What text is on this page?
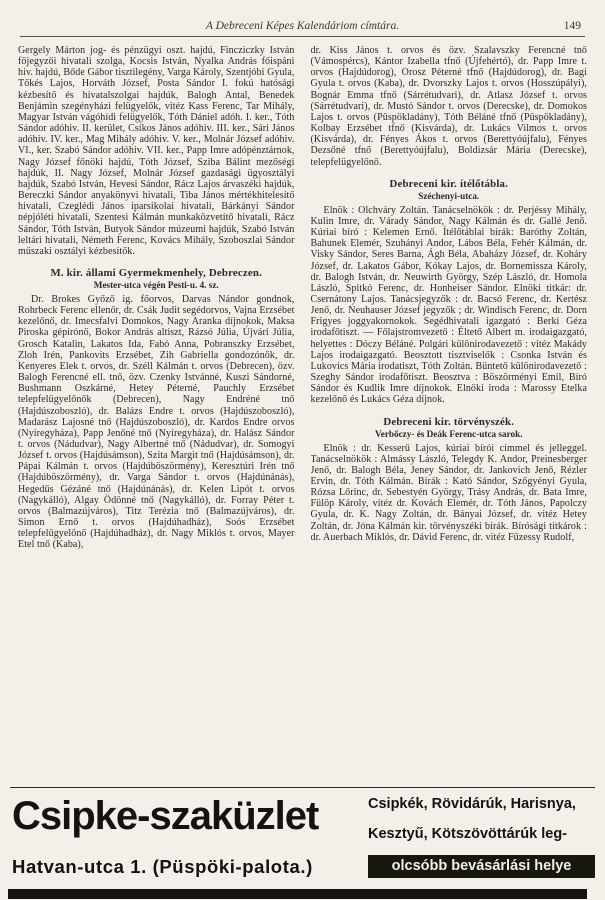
A Debreceni Képes Kalendáriom címtára.	149

Gergely Márton jog- és pénzügyi oszt. hajdú, Fincziczky István főjegyzői hivatali szolga, Kocsis István, Nyalka András főispáni hiv. hajdú, Bőde Gábor tisztilegény, Varga Károly, Szentjóbi Gyula, Tőkés Lajos, Horváth József, Posta Sándor I. fokú hatósági kézbesítő és hivatalszolgai hajdúk, Balogh Antal, Benedek Benjámin szegényházi felügyelők, vitéz Kass Ferenc, Tar Mihály, Magyar István vágóhídi felügyelők, Tóth Dániel adóh. I. ker., Tóth Sándor adóhiv. II. kerület, Csíkos János adóhiv. III. ker., Sári János adóhiv. IV. ker., Mag Mihály adóhiv. V. ker., Molnár József adóhiv. VI., ker. Szabó Sándor adóhiv. VII. ker., Papp Imre adópénztárnok, Nagy József főnöki hajdú, Tóth József, Sziba Bálint mezőségi hajdúk, II. Nagy József, Molnár József gazdasági ügyosztályi hajdúk, Szabó István, Hevesi Sándor, Rácz Lajos árvaszéki hajdúk, Bereczki Sándor anyakönyvi hivatali, Tiba János mértékhitelesítő hivatali, Czeglédi János iparsikolai hivatali, Bárkányi Sándor népjóléti hivatali, Szentesi Kálmán munkaközvetítő hivatali, Rácz Sándor, Tóth István, Butyok Sándor múzeumi hajdúk, Szabó István leltári hivatali, Németh Ferenc, Kovács Mihály, Szoboszlai Sándor műszaki osztályi kézbesítők.

M. kir. állami Gyermekmenhely, Debreczen.
Mester-utca végén Pesti-u. 4. sz.

Dr. Brokes Győző ig. főorvos, Darvas Nándor gondnok, Rohrbeck Ferenc ellenőr, dr. Csák Judit segédorvos, Vajna Erzsébet kezelőnő, dr. Imecsfalvi Domokos, Nagy Aranka díjnokok, Maksa Piroska gépírónő, Bokor András altiszt, Rázsó Júlia, Újvári Júlia, Grosch Katalin, Lakatos Ida, Fabó Anna, Pobranszky Erzsébet, Zloh Irén, Pankovits Erzsébet, Zih Gabriella gondozónők, dr. Kenyeres Elek t. orvos, dr. Széll Kálmán t. orvos (Debrecen), özv. Balogh Ferencné ell. tnő, özv. Czenky Istvánné, Kuszi Sándorné, Bushmann Oszkárné, Hetey Péterné, Pauchly Erzsébet telepfelügyelőnők (Debrecen), Nagy Endréné tnő (Hajdúszoboszló), dr. Balázs Endre t. orvos (Hajdúszoboszló), Madarász Lajosné tnő (Hajdúszoboszló), dr. Kardos Endre orvos (Nyíregyháza), Papp Jenőné tnő (Nyíregyháza), dr. Halász Sándor t. orvos (Nádudvar), Nagy Albertné tnő (Nádudvar), dr. Somogyi József t. orvos (Hajdúsámson), Szita Margit tnő (Hajdúsámson), dr. Pápai Kálmán t. orvos (Hajdúböszörmény), Keresztúri Irén tnő (Hajdúböszörmény), dr. Varga Sándor t. orvos (Hajdúnánás), Hegedűs Gézáné tnő (Hajdúnánás), dr. Kelen Lipót t. orvos (Nagykálló), Algay Ödönné tnő (Nagykálló), dr. Forray Péter t. orvos (Balmazújváros), Titz Terézia tnő (Balmazújváros), dr. Simon Ernő t. orvos (Hajdúhadház), Soós Erzsébet telepfelügyelőnő (Hajdúhadház), dr. Nagy Miklós t. orvos, Mayer Etel tnő (Kaba),

dr. Kiss János t. orvos és özv. Szalavszky Ferencné tnő (Vámospércs), Kántor Izabella tfnő (Újfehértó), dr. Papp Imre t. orvos (Hajdúdorog), Orosz Péterné tfnő (Hajdúdorog), dr. Bagi Gyula t. orvos (Kaba), dr. Dvorszky Lajos t. orvos (Hosszúpályi), Bognár Emma tfnő (Sárrétudvari), dr. Atlasz József t. orvos (Sárrétudvari), dr. Mustó Sándor t. orvos (Derecske), dr. Domokos Lajos t. orvos (Püspökladány), Tóth Béláné tfnő (Püspökladány), Kolbay Erzsébet tfnő (Kisvárda), dr. Lukács Vilmos t. orvos (Kisvárda), dr. Fényes Ákos t. orvos (Berettyóújfalu), Fényes Dezsőné tfnő (Berettyóújfalu), Boldizsár Mária (Derecske), telepfelügyelőnő.

Debreceni kir. ítélőtábla.
Széchenyi-utca.

Elnök : Olchváry Zoltán. Tanácselnökök : dr. Perjéssy Mihály, Kulin Imre, dr. Várady Sándor, Nagy Kálmán és dr. Gallé Jenő. Kúriai bíró : Kelemen Ernő. Ítélőtáblai bírák: Baróthy Zoltán, Bahunek Elemér, Szuhányi Andor, Lábos Béla, Fehér Kálmán, dr. Visky Sándor, Seres Barna, Ágh Béla, Abaházy József, dr. Koháry József, dr. Lakatos Gábor, Kókay Lajos, dr. Bornemissza Károly, dr. Balogh István, dr. Neuwirth György, Szép László, dr. Homola László, Spitkó Ferenc, dr. Honheiser Sándor. Elnöki titkár: dr. Csernátony Lajos. Tanácsjegyzők : dr. Bacsó Ferenc, dr. Kertész Jenő, dr. Neuhauser József jegyzők ; dr. Windisch Ferenc, dr. Dorn Frigyes joggyakornokok. Segédhivatali igazgató : Berki Géza irodafőtiszt. — Főlajstromvezető : Éltető Albert m. irodaigazgató, helyettes : Dóczy Béláné. Polgári különirodavezető : vitéz Makády Lajos irodaigazgató. Beosztott tisztviselők : Csonka István és Lukovics Mária irodatiszt, Tóth Zoltán. Büntető különirodavezető : Szeghy Sándor irodafőtiszt. Beosztva : Böszörményi Emil, Bíró Sándor és Kudlik Imre díjnokok. Elnöki iroda : Marossy Etelka kezelőnő és Lukács Géza díjnok.

Debreceni kir. törvényszék.
Verbőczy- és Deák Ferenc-utca sarok.

Elnök : dr. Kesserű Lajos, kúriai bírói címmel és jelleggel. Tanácselnökök : Almássy László, Telegdy K. Andor, Preinesberger Jenő, dr. Balogh Béla, Jeney Sándor, dr. Jankovich Jenő, Rézler Ervin, dr. Tóth Kálmán. Bírák : Kató Sándor, Szőgyényi Gyula, Rózsa Lőrinc, dr. Sebestyén György, Trásy András, dr. Bata Imre, Fülöp Károly, vitéz dr. Kovách Elemér, dr. Tóth János, Papolczy Gyula, dr. K. Nagy Zoltán, dr. Bányai József, dr. vitéz Hetey Zoltán, dr. Jóna Kálmán kir. törvényszéki bírák. Bírósági titkárok : dr. Auerbach Miklós, dr. Dávid Ferenc, dr. vitéz Füzessy Rudolf,

Csipke-szaküzlet
Hatvan-utca 1. (Püspöki-palota.)
Csipkék, Rövidárúk, Harisnya,
Kesztyű, Kötszövöttárúk leg-
olcsóbb bevásárlási helye
